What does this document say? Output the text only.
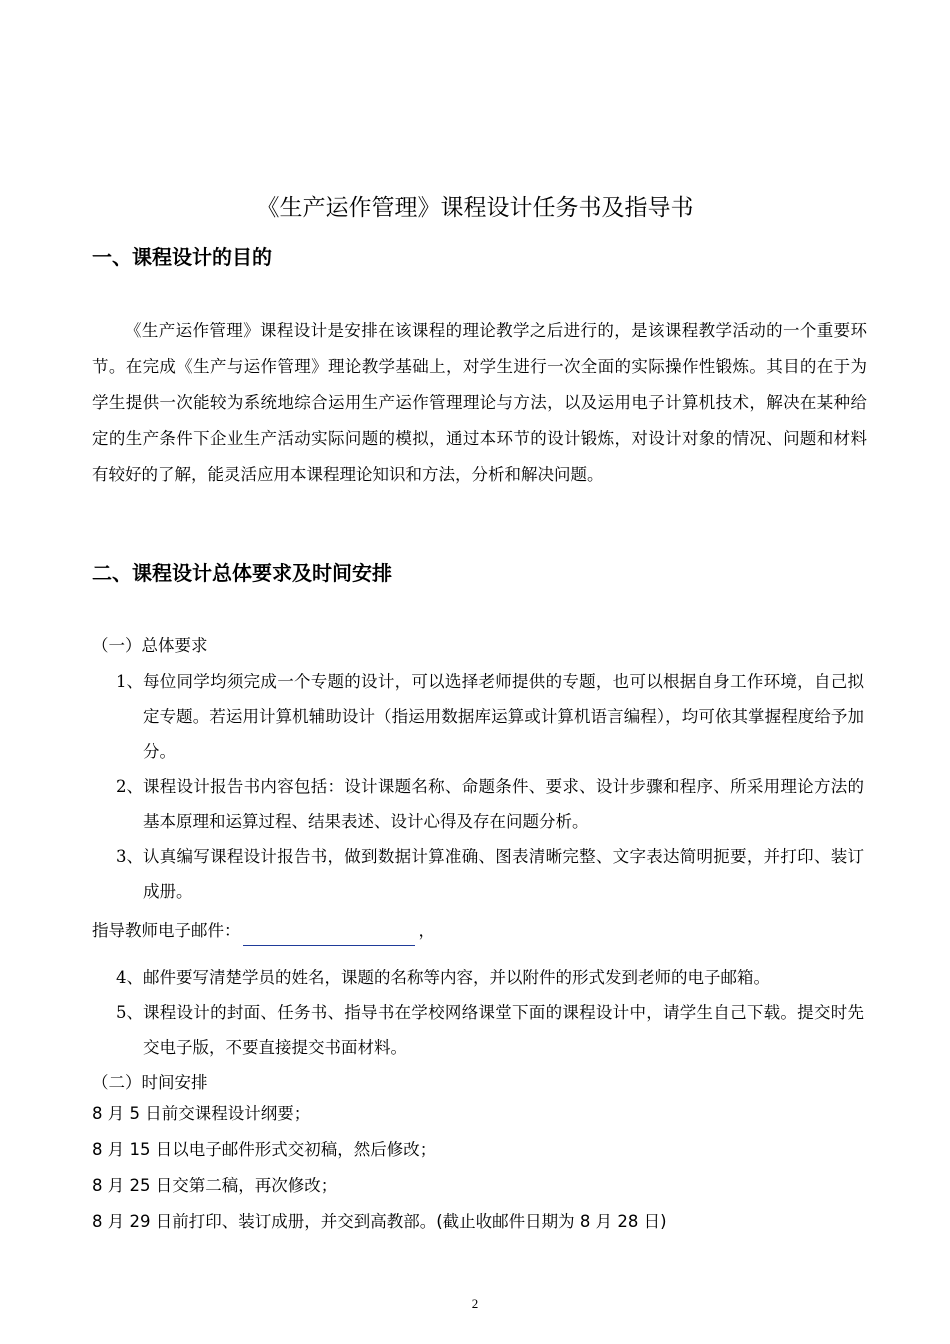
《生产运作管理》课程设计任务书及指导书
一、课程设计的目的
《生产运作管理》课程设计是安排在该课程的理论教学之后进行的，是该课程教学活动的一个重要环节。在完成《生产与运作管理》理论教学基础上，对学生进行一次全面的实际操作性锻炼。其目的在于为学生提供一次能较为系统地综合运用生产运作管理理论与方法，以及运用电子计算机技术，解决在某种给定的生产条件下企业生产活动实际问题的模拟，通过本环节的设计锻炼，对设计对象的情况、问题和材料有较好的了解，能灵活应用本课程理论知识和方法，分析和解决问题。
二、课程设计总体要求及时间安排
（一）总体要求
1、 每位同学均须完成一个专题的设计，可以选择老师提供的专题，也可以根据自身工作环境，自己拟定专题。若运用计算机辅助设计（指运用数据库运算或计算机语言编程），均可依其掌握程度给予加分。
2、 课程设计报告书内容包括：设计课题名称、命题条件、要求、设计步骤和程序、所采用理论方法的基本原理和运算过程、结果表述、设计心得及存在问题分析。
3、 认真编写课程设计报告书，做到数据计算准确、图表清晰完整、文字表达简明扼要，并打印、装订成册。
指导教师电子邮件：	，
4、 邮件要写清楚学员的姓名，课题的名称等内容，并以附件的形式发到老师的电子邮箱。
5、 课程设计的封面、任务书、指导书在学校网络课堂下面的课程设计中，请学生自己下载。提交时先交电子版，不要直接提交书面材料。
（二）时间安排
8 月 5 日前交课程设计纲要；
8 月 15 日以电子邮件形式交初稿，然后修改；
8 月 25 日交第二稿，再次修改；
8 月 29 日前打印、装订成册，并交到高教部。(截止收邮件日期为 8 月 28 日)
2
